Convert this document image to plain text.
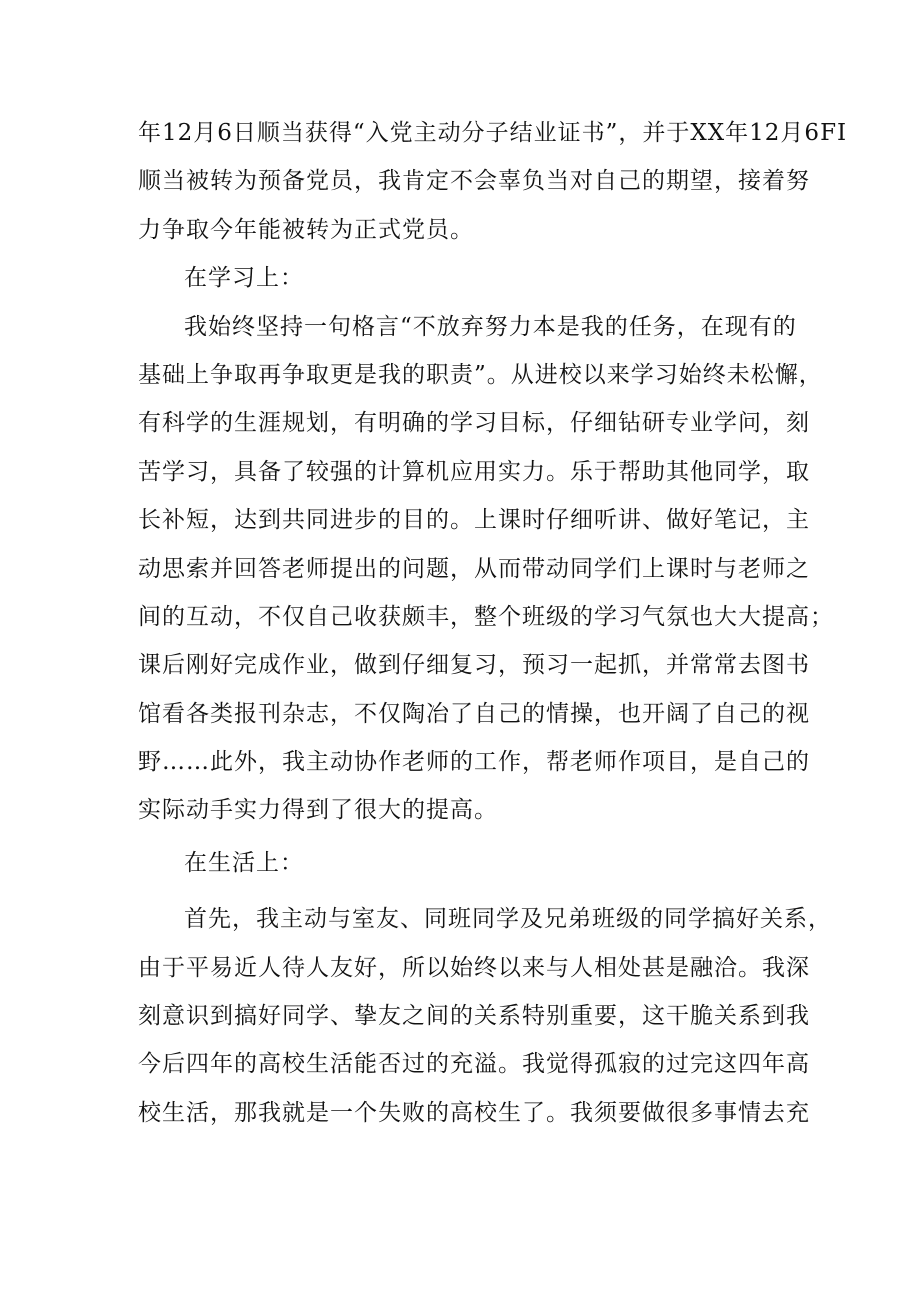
年12月6日顺当获得“入党主动分子结业证书”，并于XX年12月6FI
顺当被转为预备党员，我肯定不会辜负当对自己的期望，接着努
力争取今年能被转为正式党员。
在学习上：
我始终坚持一句格言“不放弃努力本是我的任务，在现有的
基础上争取再争取更是我的职责”。从进校以来学习始终未松懈，
有科学的生涯规划，有明确的学习目标，仔细钻研专业学问，刻
苦学习，具备了较强的计算机应用实力。乐于帮助其他同学，取
长补短，达到共同进步的目的。上课时仔细听讲、做好笔记，主
动思索并回答老师提出的问题，从而带动同学们上课时与老师之
间的互动，不仅自己收获颇丰，整个班级的学习气氛也大大提高；
课后刚好完成作业，做到仔细复习，预习一起抓，并常常去图书
馆看各类报刊杂志，不仅陶冶了自己的情操，也开阔了自己的视
野……此外，我主动协作老师的工作，帮老师作项目，是自己的
实际动手实力得到了很大的提高。
在生活上：
首先，我主动与室友、同班同学及兄弟班级的同学搞好关系，
由于平易近人待人友好，所以始终以来与人相处甚是融洽。我深
刻意识到搞好同学、挚友之间的关系特别重要，这干脆关系到我
今后四年的高校生活能否过的充溢。我觉得孤寂的过完这四年高
校生活，那我就是一个失败的高校生了。我须要做很多事情去充
